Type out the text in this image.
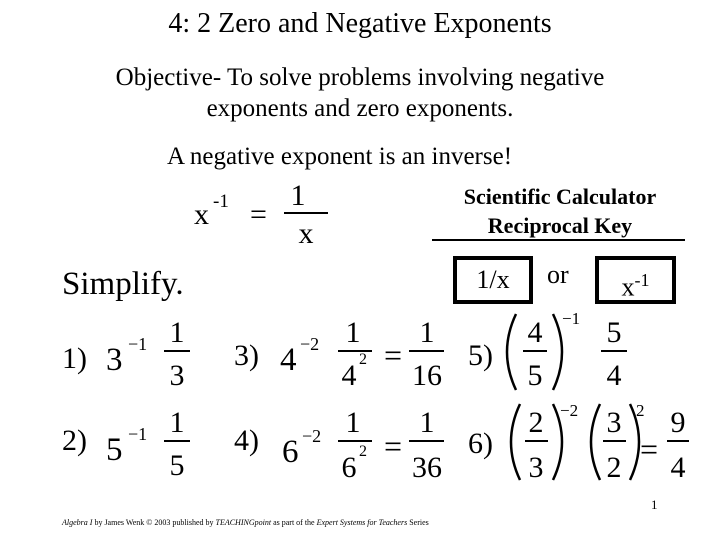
4: 2 Zero and Negative Exponents
Objective- To solve problems involving negative
exponents and zero exponents.
A negative exponent is an inverse!
x -1 =
1
x
Scientific Calculator
Reciprocal Key
1/x	or	$x^{-1}$
Simplify.
1) 3 −1 1
3
2) 5 −1 1
5
3) 4 −2 1
4 2 =
1
16
4) 6 −2 1
6 2 =
1
36
5)
4
5
−1 5
4
6)
2
3
−2 3
2
2
=
9
4
1
Algebra I by James Wenk © 2003 published by TEACHINGpoint as part of the Expert Systems for Teachers Series
